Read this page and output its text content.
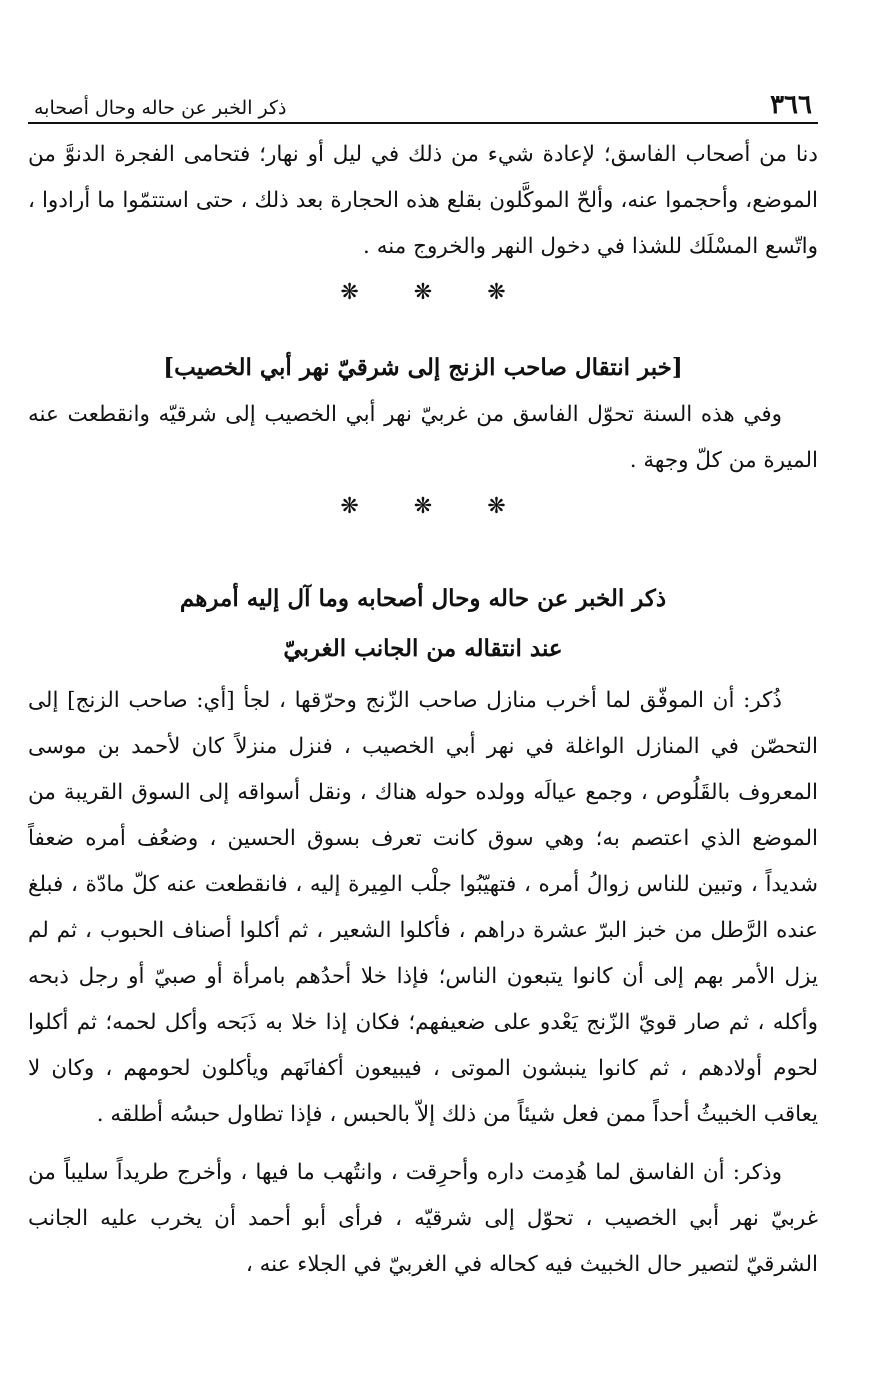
٣٦٦
ذكر الخبر عن حاله وحال أصحابه

دنا من أصحاب الفاسق؛ لإعادة شيء من ذلك في ليل أو نهار؛ فتحامى الفجرة الدنوَّ من الموضع، وأحجموا عنه، وألحّ الموكَّلون بقلع هذه الحجارة بعد ذلك ، حتى استتمّوا ما أرادوا ، واتّسع المسْلَك للشذا في دخول النهر والخروج منه .

❋ ❋ ❋
[خبر انتقال صاحب الزنج إلى شرقيّ نهر أبي الخصيب]

وفي هذه السنة تحوّل الفاسق من غربيّ نهر أبي الخصيب إلى شرقيّه وانقطعت عنه الميرة من كلّ وجهة .

❋ ❋ ❋
ذكر الخبر عن حاله وحال أصحابه وما آل إليه أمرهم
عند انتقاله من الجانب الغربيّ

ذُكر: أن الموفّق لما أخرب منازل صاحب الزّنج وحرّقها ، لجأ [أي: صاحب الزنج] إلى التحصّن في المنازل الواغلة في نهر أبي الخصيب ، فنزل منزلاً كان لأحمد بن موسى المعروف بالقَلُوص ، وجمع عيالَه وولده حوله هناك ، ونقل أسواقه إلى السوق القريبة من الموضع الذي اعتصم به؛ وهي سوق كانت تعرف بسوق الحسين ، وضعُف أمره ضعفاً شديداً ، وتبين للناس زوالُ أمره ، فتهيّبُوا جلْب المِيرة إليه ، فانقطعت عنه كلّ مادّة ، فبلغ عنده الرَّطل من خبز البرّ عشرة دراهم ، فأكلوا الشعير ، ثم أكلوا أصناف الحبوب ، ثم لم يزل الأمر بهم إلى أن كانوا يتبعون الناس؛ فإذا خلا أحدُهم بامرأة أو صبيّ أو رجل ذبحه وأكله ، ثم صار قويّ الزّنج يَعْدو على ضعيفهم؛ فكان إذا خلا به ذَبَحه وأكل لحمه؛ ثم أكلوا لحوم أولادهم ، ثم كانوا ينبشون الموتى ، فيبيعون أكفانَهم ويأكلون لحومهم ، وكان لا يعاقب الخبيثُ أحداً ممن فعل شيئاً من ذلك إلاّ بالحبس ، فإذا تطاول حبسُه أطلقه .

وذكر: أن الفاسق لما هُدِمت داره وأحرِقت ، وانتُهب ما فيها ، وأخرج طريداً سليباً من غربيّ نهر أبي الخصيب ، تحوّل إلى شرقيّه ، فرأى أبو أحمد أن يخرب عليه الجانب الشرقيّ لتصير حال الخبيث فيه كحاله في الغربيّ في الجلاء عنه ،
